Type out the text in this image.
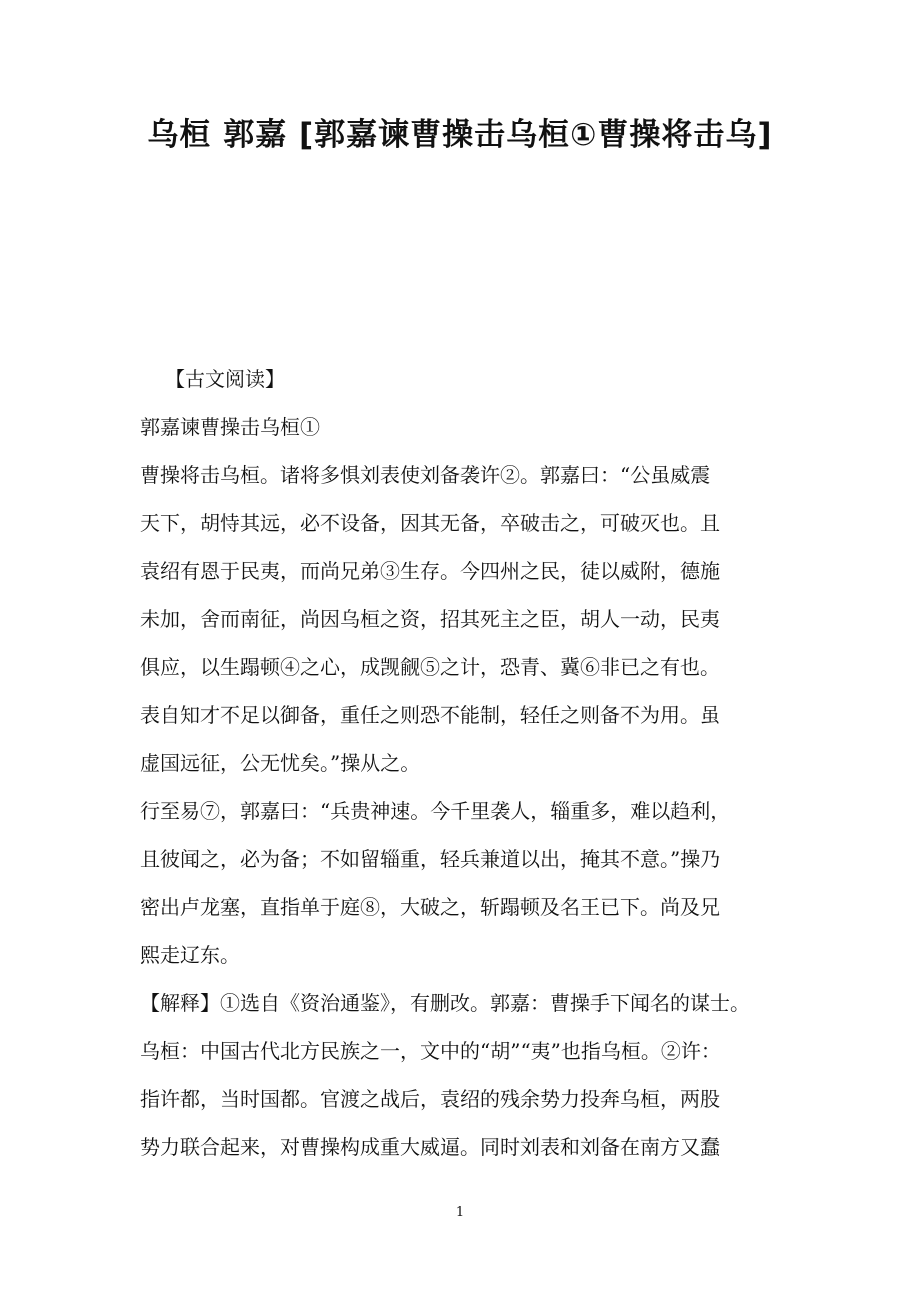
乌桓 郭嘉 [郭嘉谏曹操击乌桓①曹操将击乌]
【古文阅读】
郭嘉谏曹操击乌桓①
曹操将击乌桓。诸将多惧刘表使刘备袭许②。郭嘉曰：“公虽威震
天下，胡恃其远，必不设备，因其无备，卒破击之，可破灭也。且
袁绍有恩于民夷，而尚兄弟③生存。今四州之民，徒以威附，德施
未加，舍而南征，尚因乌桓之资，招其死主之臣，胡人一动，民夷
俱应，以生蹋顿④之心，成觊觎⑤之计，恐青、冀⑥非已之有也。
表自知才不足以御备，重任之则恐不能制，轻任之则备不为用。虽
虚国远征，公无忧矣。”操从之。
行至易⑦，郭嘉曰：“兵贵神速。今千里袭人，辎重多，难以趋利，
且彼闻之，必为备；不如留辎重，轻兵兼道以出，掩其不意。”操乃
密出卢龙塞，直指单于庭⑧，大破之，斩蹋顿及名王已下。尚及兄
熙走辽东。
【解释】①选自《资治通鉴》，有删改。郭嘉：曹操手下闻名的谋士。
乌桓：中国古代北方民族之一，文中的“胡”“夷”也指乌桓。②许：
指许都，当时国都。官渡之战后，袁绍的残余势力投奔乌桓，两股
势力联合起来，对曹操构成重大威逼。同时刘表和刘备在南方又蠢
1
